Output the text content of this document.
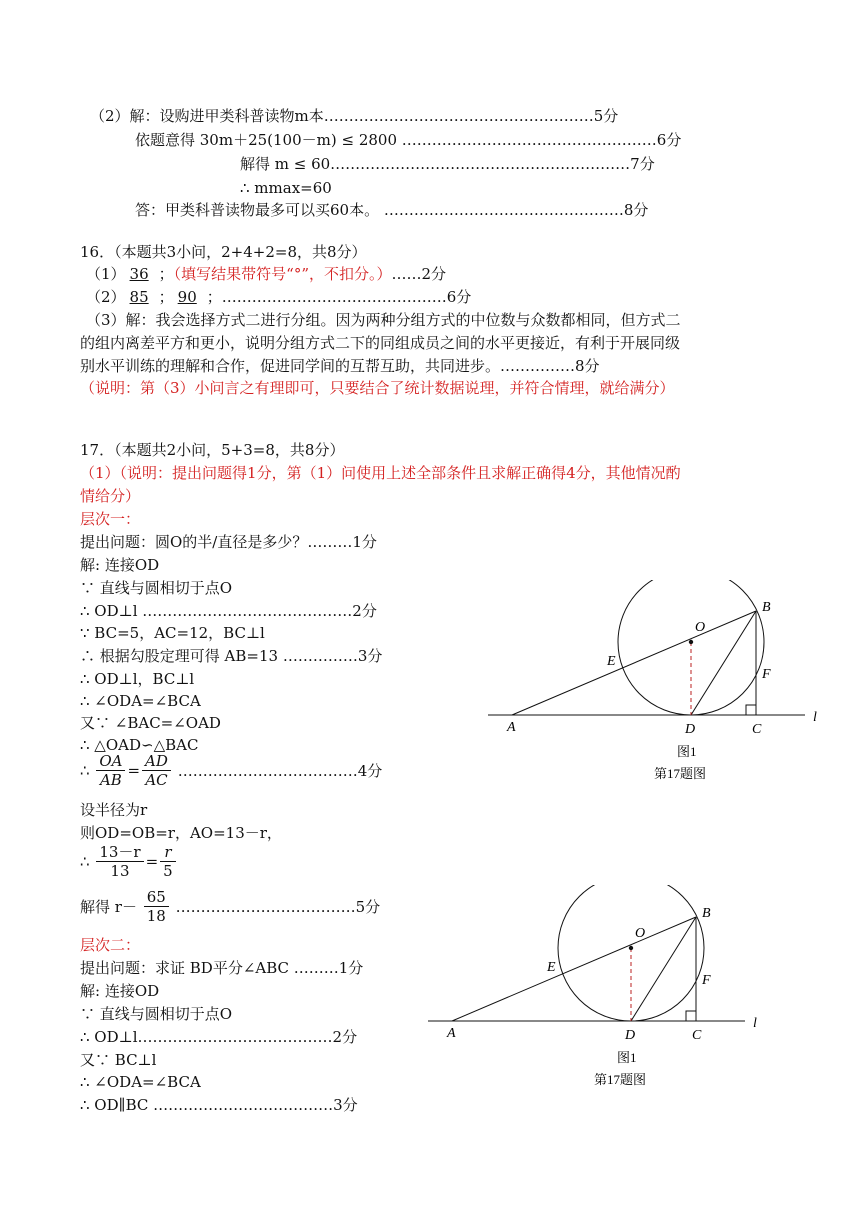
（2）解：设购进甲类科普读物m本………………………………………………5分
依题意得 30m＋25(100－m) ≤ 2800 ……………………………………………6分
解得 m ≤ 60……………………………………………………7分
∴ mmax=60
答：甲类科普读物最多可以买60本。 …………………………………………8分
16．（本题共3小问，2+4+2=8，共8分）
（1） 36 ；（填写结果带符号“°”，不扣分。）……2分
（2） 85 ； 90 ；………………………………………6分
（3）解：我会选择方式二进行分组。因为两种分组方式的中位数与众数都相同，但方式二
的组内离差平方和更小，说明分组方式二下的同组成员之间的水平更接近，有利于开展同级
别水平训练的理解和合作，促进同学间的互帮互助，共同进步。……………8分
（说明：第（3）小问言之有理即可，只要结合了统计数据说理，并符合情理，就给满分）
17．（本题共2小问，5+3=8，共8分）
（1）（说明：提出问题得1分，第（1）问使用上述全部条件且求解正确得4分，其他情况酌
情给分）
层次一：
提出问题：圆O的半/直径是多少？………1分
解: 连接OD
∵ 直线与圆相切于点O
∴ OD⊥l ……………………………………2分
∵ BC=5，AC=12，BC⊥l
∴ 根据勾股定理可得 AB=13 ……………3分
∴ OD⊥l，BC⊥l
∴ ∠ODA=∠BCA
又∵ ∠BAC=∠OAD
∴ △OAD∽△BAC
∴ $\frac{OA}{AB} = \frac{AD}{AC}$ ………………………………4分
设半径为r
则OD=OB=r，AO=13－r，
∴ $\frac{13-r}{13} = \frac{r}{5}$
解得 $r- \frac{65}{18}$ ………………………………5分
层次二：
提出问题：求证 BD平分∠ABC ………1分
解: 连接OD
∵ 直线与圆相切于点O
∴ OD⊥l…………………………………2分
又∵ BC⊥l
∴ ∠ODA=∠BCA
∴ OD∥BC ………………………………3分
O
B
E
F
A	D	C
l
图1
第17题图
O
B
E
F
A	D	C
l
图1
第17题图
